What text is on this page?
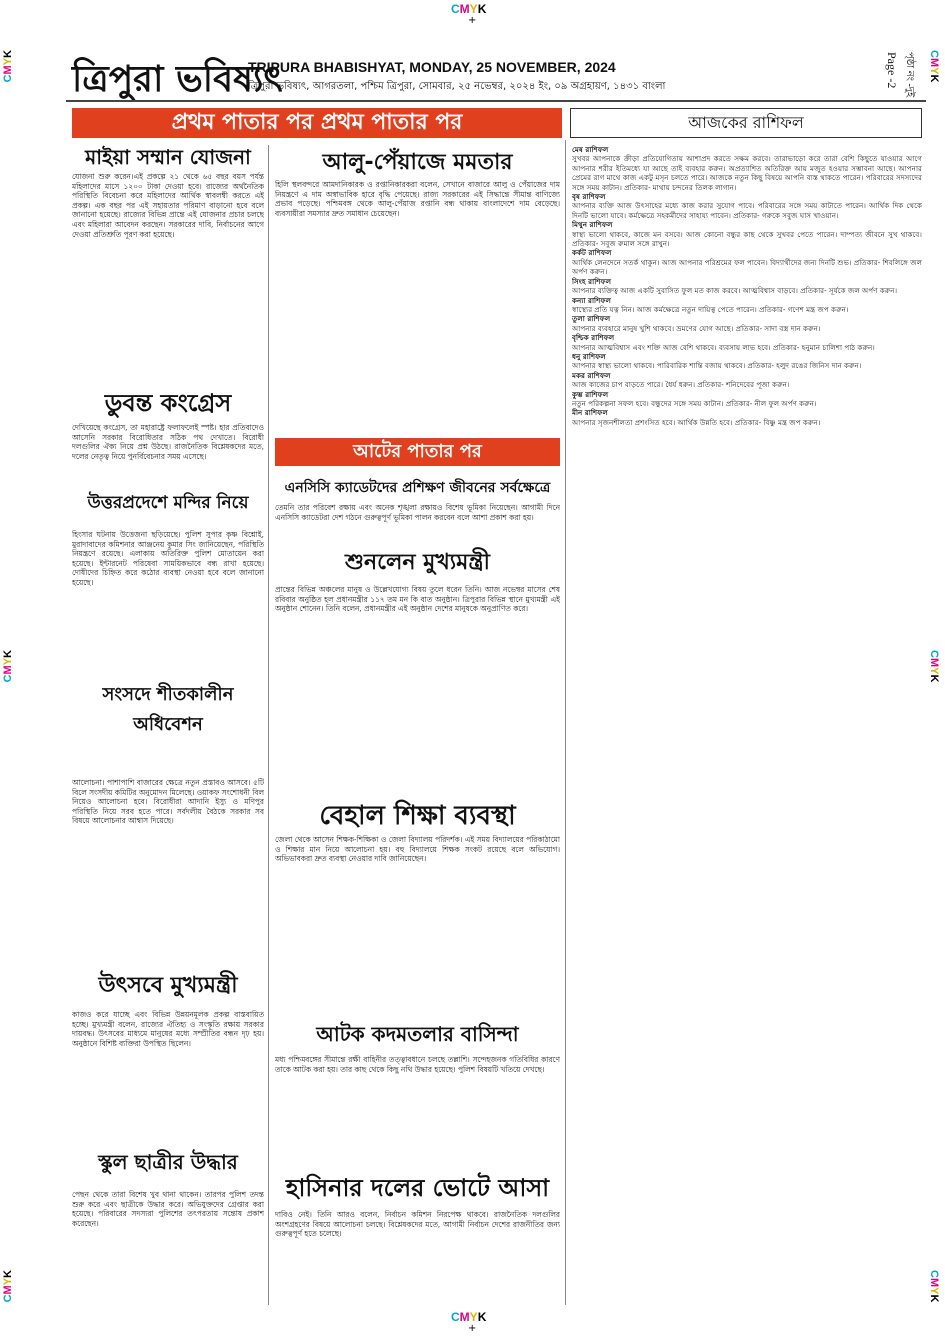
CMYK
+
CMYK
CMYK
CMYK
CMYK
CMYK
CMYK
ত্রিপুরা ভবিষ্যৎ
TRIPURA BHABISHYAT, MONDAY, 25 NOVEMBER, 2024
ত্রিপুরা ভবিষ্যৎ, আগরতলা, পশ্চিম ত্রিপুরা, সোমবার, ২৫ নভেম্বর, ২০২৪ ইং, ০৯ অগ্রহায়ণ, ১৪৩১ বাংলা	Page -2 পৃষ্ঠা নং -দুই
প্রথম পাতার পর প্রথম পাতার পর	আজকের রাশিফল
মাইয়া সম্মান যোজনা

যোজনা শুরু করেন।এই প্রকল্পে ২১ থেকে ৬৫ বছর বয়স পর্যন্ত মহিলাদের মাসে ১২০০ টাকা দেওয়া হবে। রাজ্যের অর্থনৈতিক পরিস্থিতি বিবেচনা করে মহিলাদের আর্থিক স্বাবলম্বী করতে এই প্রকল্প। এক বছর পর এই সহায়তার পরিমাণ বাড়ানো হবে বলে জানানো হয়েছে। রাজ্যের বিভিন্ন প্রান্তে এই যোজনার প্রচার চলছে এবং মহিলারা আবেদন করছেন। সরকারের দাবি, নির্বাচনের আগে দেওয়া প্রতিশ্রুতি পূরণ করা হয়েছে।

ডুবন্ত কংগ্রেস

দেখিয়েছে কংগ্রেস, তা মহারাষ্ট্রে ফলাফলেই স্পষ্ট। হার প্রতিবাদেও আসেনি সরকার বিরোধিতার সঠিক পথ দেখাতে। বিরোধী দলগুলির ঐক্য নিয়ে প্রশ্ন উঠছে। রাজনৈতিক বিশ্লেষকদের মতে, দলের নেতৃত্ব নিয়ে পুনর্বিবেচনার সময় এসেছে।

উত্তরপ্রদেশে মন্দির নিয়ে

হিংসার ঘটনায় উত্তেজনা ছড়িয়েছে। পুলিশ সুপার কৃষ্ণ বিশ্নোই, মুরাদাবাদের কমিশনার আঞ্জনেয় কুমার সিং জানিয়েছেন, পরিস্থিতি নিয়ন্ত্রণে রয়েছে। এলাকায় অতিরিক্ত পুলিশ মোতায়েন করা হয়েছে। ইন্টারনেট পরিষেবা সাময়িকভাবে বন্ধ রাখা হয়েছে। দোষীদের চিহ্নিত করে কঠোর ব্যবস্থা নেওয়া হবে বলে জানানো হয়েছে।

সংসদে শীতকালীন অধিবেশন

আলোচনা। পাশাপাশি বাজারের ক্ষেত্রে নতুন প্রস্তাবও আসবে। ৫টি বিলে সংসদীয় কমিটির অনুমোদন মিলেছে। ওয়াকফ সংশোধনী বিল নিয়েও আলোচনা হবে। বিরোধীরা আদানি ইস্যু ও মণিপুর পরিস্থিতি নিয়ে সরব হতে পারে। সর্বদলীয় বৈঠকে সরকার সব বিষয়ে আলোচনার আশ্বাস দিয়েছে।

উৎসবে মুখ্যমন্ত্রী

কাজও করে যাচ্ছে এবং বিভিন্ন উন্নয়নমূলক প্রকল্প বাস্তবায়িত হচ্ছে। মুখ্যমন্ত্রী বলেন, রাজ্যের ঐতিহ্য ও সংস্কৃতি রক্ষায় সরকার দায়বদ্ধ। উৎসবের মাধ্যমে মানুষের মধ্যে সম্প্রীতির বন্ধন দৃঢ় হয়। অনুষ্ঠানে বিশিষ্ট ব্যক্তিরা উপস্থিত ছিলেন।

স্কুল ছাত্রীর উদ্ধার

পেছন থেকে তারা বিশেষ খুব থানা থাকেন। তারপর পুলিশ তদন্ত শুরু করে এবং ছাত্রীকে উদ্ধার করে। অভিযুক্তদের গ্রেপ্তার করা হয়েছে। পরিবারের সদস্যরা পুলিশের তৎপরতায় সন্তোষ প্রকাশ করেছেন।

আলু-পেঁয়াজে মমতার

হিলি স্থলবন্দরে আমদানিকারক ও রপ্তানিকারকরা বলেন, সেখানে বাজারে আলু ও পেঁয়াজের দাম নিয়ন্ত্রণে এ দাম অস্বাভাবিক হারে বৃদ্ধি পেয়েছে। রাজ্য সরকারের এই সিদ্ধান্তে সীমান্ত বাণিজ্যে প্রভাব পড়েছে। পশ্চিমবঙ্গ থেকে আলু-পেঁয়াজ রপ্তানি বন্ধ থাকায় বাংলাদেশে দাম বেড়েছে। ব্যবসায়ীরা সমস্যার দ্রুত সমাধান চেয়েছেন।

আটের পাতার পর
এনসিসি ক্যাডেটদের প্রশিক্ষণ জীবনের সর্বক্ষেত্রে

তেমনি তার পরিবেশ রক্ষায় এবং অনেক শৃঙ্খলা রক্ষায়ও বিশেষ ভূমিকা নিয়েছেন। আগামী দিনে এনসিসি ক্যাডেটরা দেশ গঠনে গুরুত্বপূর্ণ ভূমিকা পালন করবেন বলে আশা প্রকাশ করা হয়।

শুনলেন মুখ্যমন্ত্রী

প্রান্তের বিভিন্ন অঞ্চলের মানুষ ও উল্লেখযোগ্য বিষয় তুলে ধরেন তিনি। আজ নভেম্বর মাসের শেষ রবিবার অনুষ্ঠিত হল প্রধানমন্ত্রীর ১১৭ তম মন কি বাত অনুষ্ঠান। ত্রিপুরার বিভিন্ন স্থানে মুখ্যমন্ত্রী এই অনুষ্ঠান শোনেন। তিনি বলেন, প্রধানমন্ত্রীর এই অনুষ্ঠান দেশের মানুষকে অনুপ্রাণিত করে।

বেহাল শিক্ষা ব্যবস্থা

জেলা থেকে আসেন শিক্ষক-শিক্ষিকা ও জেলা বিদ্যালয় পরিদর্শক। এই সময় বিদ্যালয়ের পরিকাঠামো ও শিক্ষার মান নিয়ে আলোচনা হয়। বহু বিদ্যালয়ে শিক্ষক সংকট রয়েছে বলে অভিযোগ। অভিভাবকরা দ্রুত ব্যবস্থা নেওয়ার দাবি জানিয়েছেন।

আটক কদমতলার বাসিন্দা

মধ্য পশ্চিমবঙ্গের সীমান্তে রক্ষী বাহিনীর তত্ত্বাবধানে চলছে তল্লাশি। সন্দেহজনক গতিবিধির কারণে তাকে আটক করা হয়। তার কাছ থেকে কিছু নথি উদ্ধার হয়েছে। পুলিশ বিষয়টি খতিয়ে দেখছে।

হাসিনার দলের ভোটে আসা

দাবিও নেই। তিনি আরও বলেন, নির্বাচন কমিশন নিরপেক্ষ থাকবে। রাজনৈতিক দলগুলির অংশগ্রহণের বিষয়ে আলোচনা চলছে। বিশ্লেষকদের মতে, আগামী নির্বাচন দেশের রাজনীতির জন্য গুরুত্বপূর্ণ হতে চলেছে।

মেষ রাশিফল
সুখবর আপনাকে ক্রীড়া প্রতিযোগিতায় আশাপ্রদ করতে সক্ষম করবে। তারাভাড়ো করে তারা বেশি কিছুতে যাওয়ার আগে আপনার শরীর ইতিমধ্যে যা আছে তাই ব্যবহার করুন। অপ্রত্যাশিত অতিরিক্ত আয় মজুত হওয়ার সম্ভাবনা আছে। আপনার প্রেমের রাগ মাথে কাজ একটু মসৃন চলতে পারে। আজকে নতুন কিছু বিষয়ে আপনি ব্যস্ত থাকতে পারেন। পরিবারের সদস্যদের সঙ্গে সময় কাটান। প্রতিকার- মাথায় চন্দনের তিলক লাগান।
বৃষ রাশিফল
আপনার ব্যক্তি আজ উৎসাহের মধ্যে কাজ করার সুযোগ পাবে। পরিবারের সঙ্গে সময় কাটাতে পারেন। আর্থিক দিক থেকে দিনটি ভালো যাবে। কর্মক্ষেত্রে সহকর্মীদের সাহায্য পাবেন। প্রতিকার- গরুকে সবুজ ঘাস খাওয়ান।
মিথুন রাশিফল
স্বাস্থ্য ভালো থাকবে, কাজে মন বসবে। আজ কোনো বন্ধুর কাছ থেকে সুখবর পেতে পারেন। দাম্পত্য জীবনে সুখ থাকবে। প্রতিকার- সবুজ রুমাল সঙ্গে রাখুন।
কর্কট রাশিফল
আর্থিক লেনদেনে সতর্ক থাকুন। আজ আপনার পরিশ্রমের ফল পাবেন। বিদ্যার্থীদের জন্য দিনটি শুভ। প্রতিকার- শিবলিঙ্গে জল অর্পণ করুন।
সিংহ রাশিফল
আপনার ব্যক্তিত্ব আজ একটি সুবাসিত ফুল মত কাজ করবে। আত্মবিশ্বাস বাড়বে। প্রতিকার- সূর্যকে জল অর্পণ করুন।
কন্যা রাশিফল
স্বাস্থ্যের প্রতি যত্ন নিন। আজ কর্মক্ষেত্রে নতুন দায়িত্ব পেতে পারেন। প্রতিকার- গণেশ মন্ত্র জপ করুন।
তুলা রাশিফল
আপনার ব্যবহারে মানুষ খুশি থাকবে। ভ্রমণের যোগ আছে। প্রতিকার- সাদা বস্ত্র দান করুন।
বৃশ্চিক রাশিফল
আপনার আত্মবিশ্বাস এবং শক্তি আজ বেশি থাকবে। ব্যবসায় লাভ হবে। প্রতিকার- হনুমান চালিশা পাঠ করুন।
ধনু রাশিফল
আপনার স্বাস্থ্য ভালো থাকবে। পারিবারিক শান্তি বজায় থাকবে। প্রতিকার- হলুদ রঙের জিনিস দান করুন।
মকর রাশিফল
আজ কাজের চাপ বাড়তে পারে। ধৈর্য ধরুন। প্রতিকার- শনিদেবের পূজা করুন।
কুম্ভ রাশিফল
নতুন পরিকল্পনা সফল হবে। বন্ধুদের সঙ্গে সময় কাটান। প্রতিকার- নীল ফুল অর্পণ করুন।
মীন রাশিফল
আপনার সৃজনশীলতা প্রশংসিত হবে। আর্থিক উন্নতি হবে। প্রতিকার- বিষ্ণু মন্ত্র জপ করুন।
CMYK
+
